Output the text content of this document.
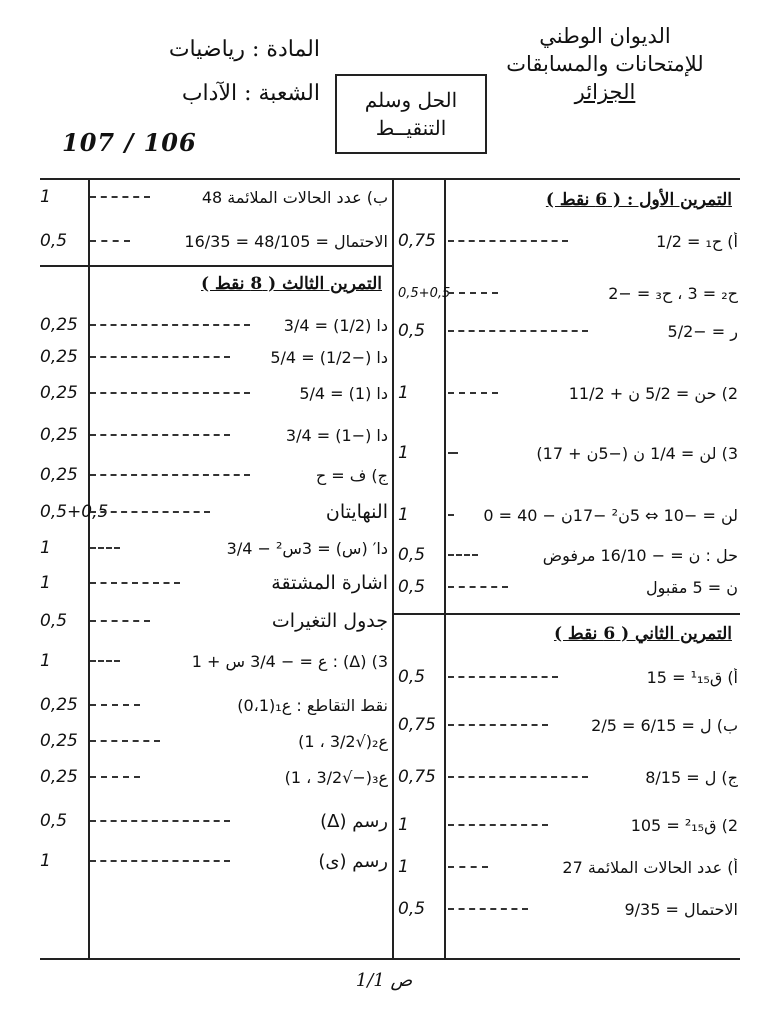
الديوان الوطني
للإمتحانات والمسابقات
الجزائر
المادة : رياضيات
الشعبة : الآداب
107 / 106
الحل وسلم
التنقيــط
1	ب) عدد الحالات الملائمة 48
0,5	الاحتمال = 48/105 = 16/35
التمرين الثالث ( 8 نقط )
0,25	دا (1/2) = 3/4
0,25	دا (−1/2) = 5/4
0,25	دا (1) = 5/4
0,25	دا (−1) = 3/4
0,25	ج) ف = ح
0,5+0,5	النهايتان
1	دا′ (س) = 3س² − 3/4
1	اشارة المشتقة
0,5	جدول التغيرات
1	3) (Δ) : ع = − 3/4 س + 1
0,25	نقط التقاطع : ع₁(0،1)
0,25	ع₂(√3/2 ، 1)
0,25	ع₃(−√3/2 ، 1)
0,5	رسم (Δ)
1	رسم (ى)
التمرين الأول : ( 6 نقط )
0,75	أ) ح₁ = 1/2
0,5+0,5	ح₂ = 3 ، ح₃ = −2
0,5	ر = −5/2
1	2) حن = 5/2 ن + 11/2
1	3) لن = 1/4 ن (−5ن + 17)
1	لن = −10 ⇔ 5ن² −17ن − 40 = 0
0,5	حل : ن = − 16/10 مرفوض
0,5	ن = 5 مقبول
التمرين الثاني ( 6 نقط )
0,5	أ) ق¹₁₅ = 15
0,75	ب) ل = 6/15 = 2/5
0,75	ج) ل = 8/15
1	2) ق²₁₅ = 105
1	أ) عدد الحالات الملائمة 27
0,5	الاحتمال = 9/35
ص 1/1
